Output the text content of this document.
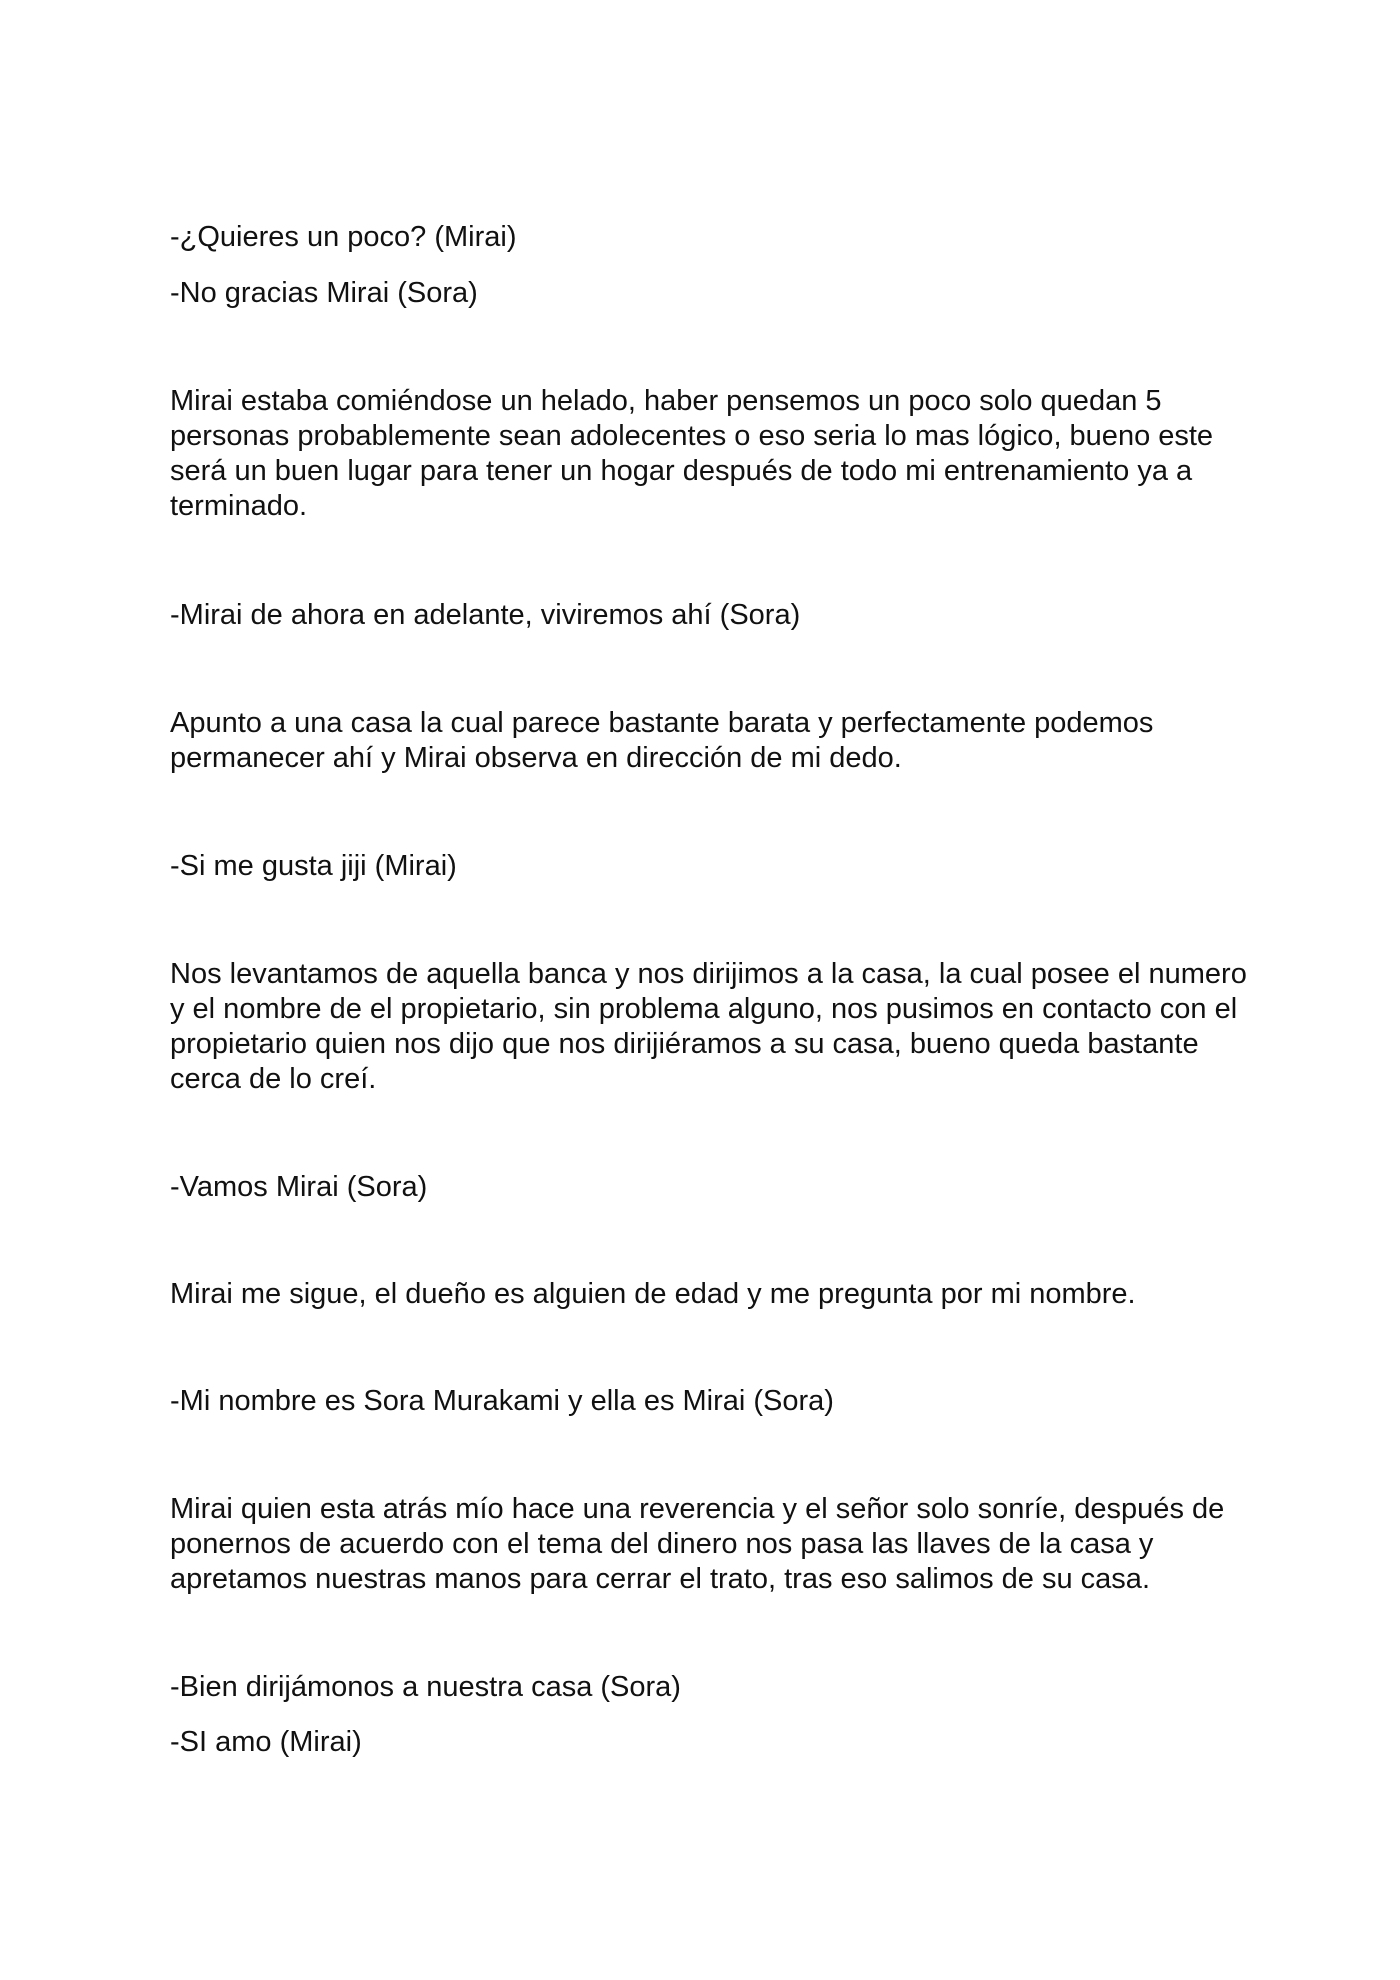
-¿Quieres un poco? (Mirai)

-No gracias Mirai (Sora)

Mirai estaba comiéndose un helado, haber pensemos un poco solo quedan 5 personas probablemente sean adolecentes o eso seria lo mas lógico, bueno este será un buen lugar para tener un hogar después de todo mi entrenamiento ya a terminado.

-Mirai de ahora en adelante, viviremos ahí (Sora)

Apunto a una casa la cual parece bastante barata y perfectamente podemos permanecer ahí y Mirai observa en dirección de mi dedo.

-Si me gusta jiji (Mirai)

Nos levantamos de aquella banca y nos dirijimos a la casa, la cual posee el numero y el nombre de el propietario, sin problema alguno, nos pusimos en contacto con el propietario quien nos dijo que nos dirijiéramos a su casa, bueno queda bastante cerca de lo creí.

-Vamos Mirai (Sora)

Mirai me sigue, el dueño es alguien de edad y me pregunta por mi nombre.

-Mi nombre es Sora Murakami y ella es Mirai (Sora)

Mirai quien esta atrás mío hace una reverencia y el señor solo sonríe, después de ponernos de acuerdo con el tema del dinero nos pasa las llaves de la casa y apretamos nuestras manos para cerrar el trato, tras eso salimos de su casa.

-Bien dirijámonos a nuestra casa (Sora)

-SI amo (Mirai)
